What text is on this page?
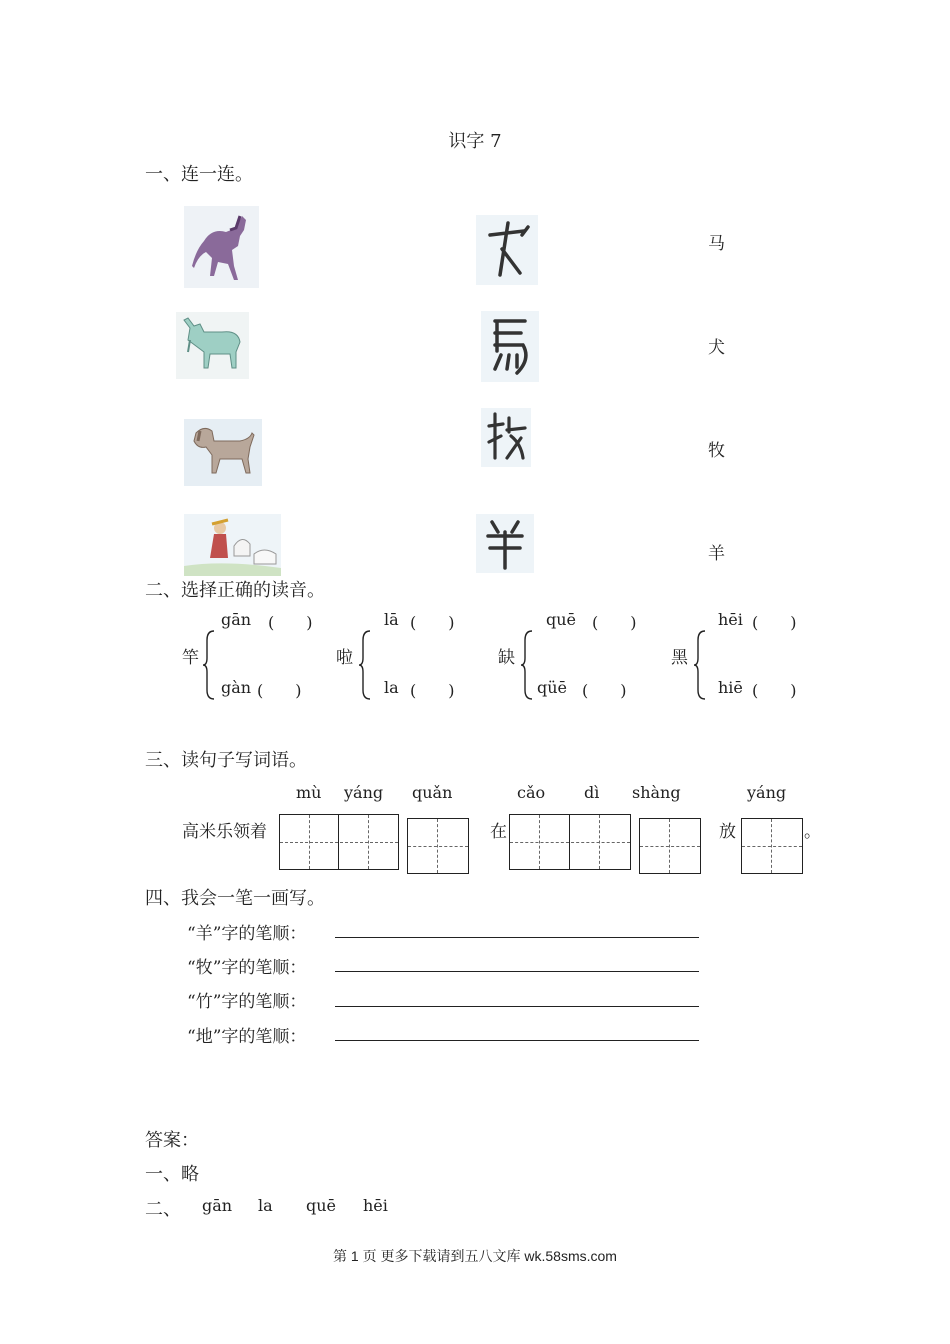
识字 7
一、连一连。
马
犬
牧
羊
二、选择正确的读音。
gān (　　)
竿
gàn (　　)
lā (　　)
啦
la (　　)
quē (　　)
缺
qüē (　　)
hēi (　　)
黑
hiē (　　)
三、读句子写词语。
mù yáng quǎn	cǎo dì shàng	yáng
高米乐领着	在	放	。
四、我会一笔一画写。
“羊”字的笔顺：
“牧”字的笔顺：
“竹”字的笔顺：
“地”字的笔顺：
答案：
一、略
二、 gān la quē hēi
第 1 页 更多下载请到五八文库 wk.58sms.com
